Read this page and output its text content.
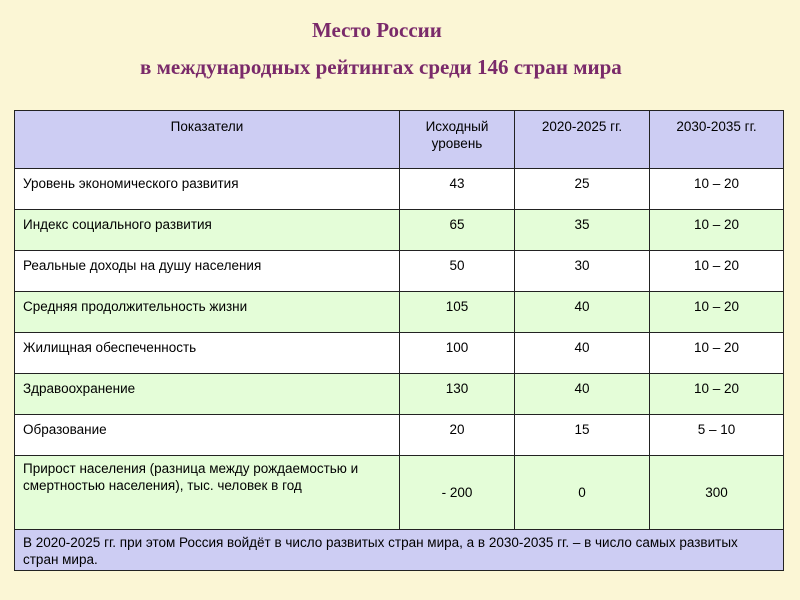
Место России
в международных рейтингах среди 146 стран мира
Показатели	Исходный уровень	2020-2025 гг.	2030-2035 гг.
Уровень экономического развития	43	25	10 – 20
Индекс социального развития	65	35	10 – 20
Реальные доходы на душу населения	50	30	10 – 20
Средняя продолжительность жизни	105	40	10 – 20
Жилищная обеспеченность	100	40	10 – 20
Здравоохранение	130	40	10 – 20
Образование	20	15	5 – 10
Прирост населения (разница между рождаемостью и смертностью населения), тыс. человек в год	- 200	0	300
В 2020-2025 гг. при этом Россия войдёт в число развитых стран мира, а в 2030-2035 гг. – в число самых развитых стран мира.			
